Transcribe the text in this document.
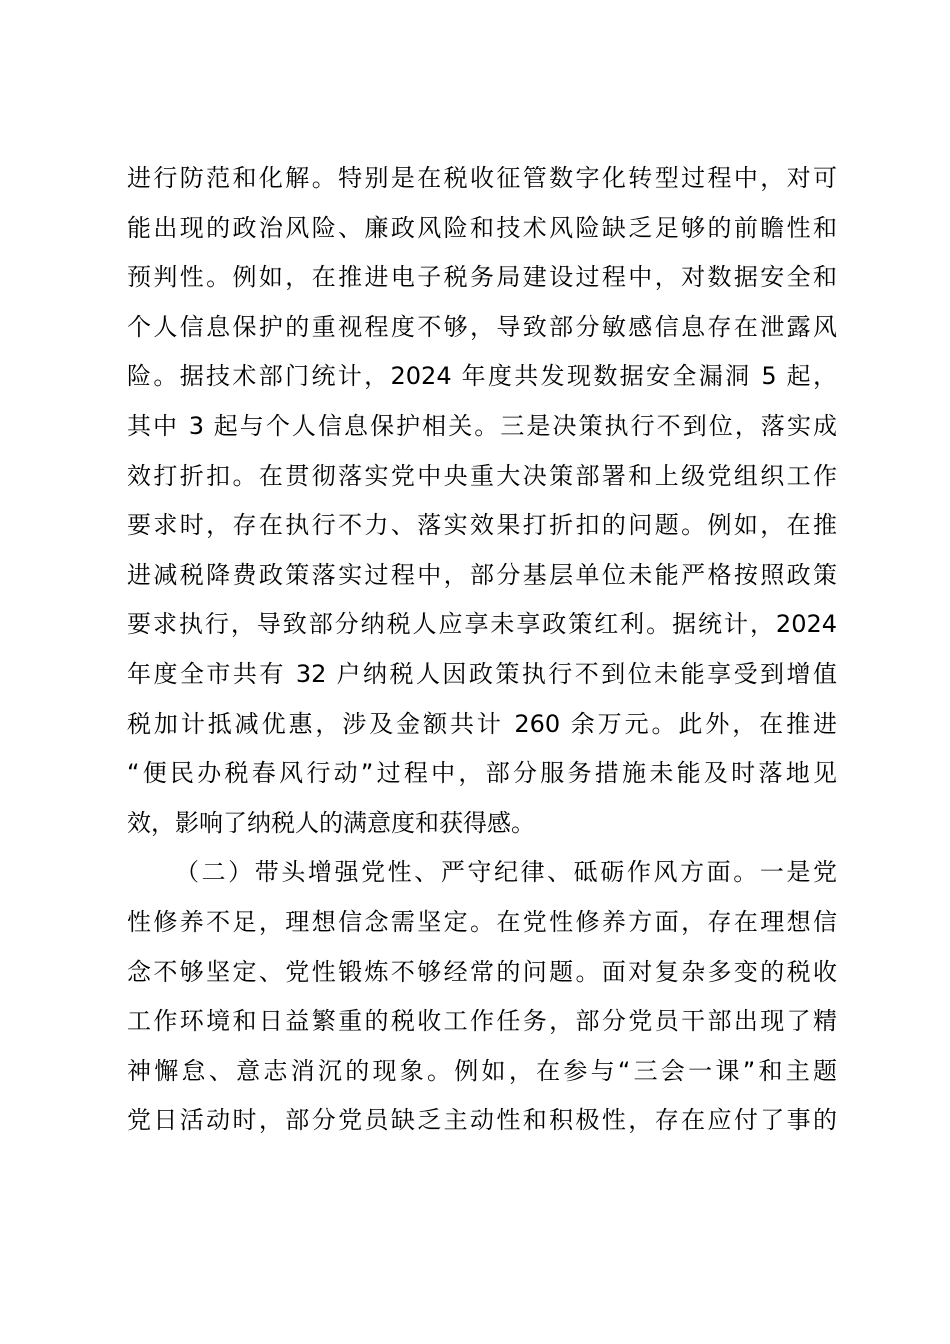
进行防范和化解。特别是在税收征管数字化转型过程中，对可
能出现的政治风险、廉政风险和技术风险缺乏足够的前瞻性和
预判性。例如，在推进电子税务局建设过程中，对数据安全和
个人信息保护的重视程度不够，导致部分敏感信息存在泄露风
险。据技术部门统计，2024 年度共发现数据安全漏洞 5 起，
其中 3 起与个人信息保护相关。三是决策执行不到位，落实成
效打折扣。在贯彻落实党中央重大决策部署和上级党组织工作
要求时，存在执行不力、落实效果打折扣的问题。例如，在推
进减税降费政策落实过程中，部分基层单位未能严格按照政策
要求执行，导致部分纳税人应享未享政策红利。据统计，2024
年度全市共有 32 户纳税人因政策执行不到位未能享受到增值
税加计抵减优惠，涉及金额共计 260 余万元。此外，在推进
“便民办税春风行动”过程中，部分服务措施未能及时落地见
效，影响了纳税人的满意度和获得感。
（二）带头增强党性、严守纪律、砥砺作风方面。一是党
性修养不足，理想信念需坚定。在党性修养方面，存在理想信
念不够坚定、党性锻炼不够经常的问题。面对复杂多变的税收
工作环境和日益繁重的税收工作任务，部分党员干部出现了精
神懈怠、意志消沉的现象。例如，在参与“三会一课”和主题
党日活动时，部分党员缺乏主动性和积极性，存在应付了事的
